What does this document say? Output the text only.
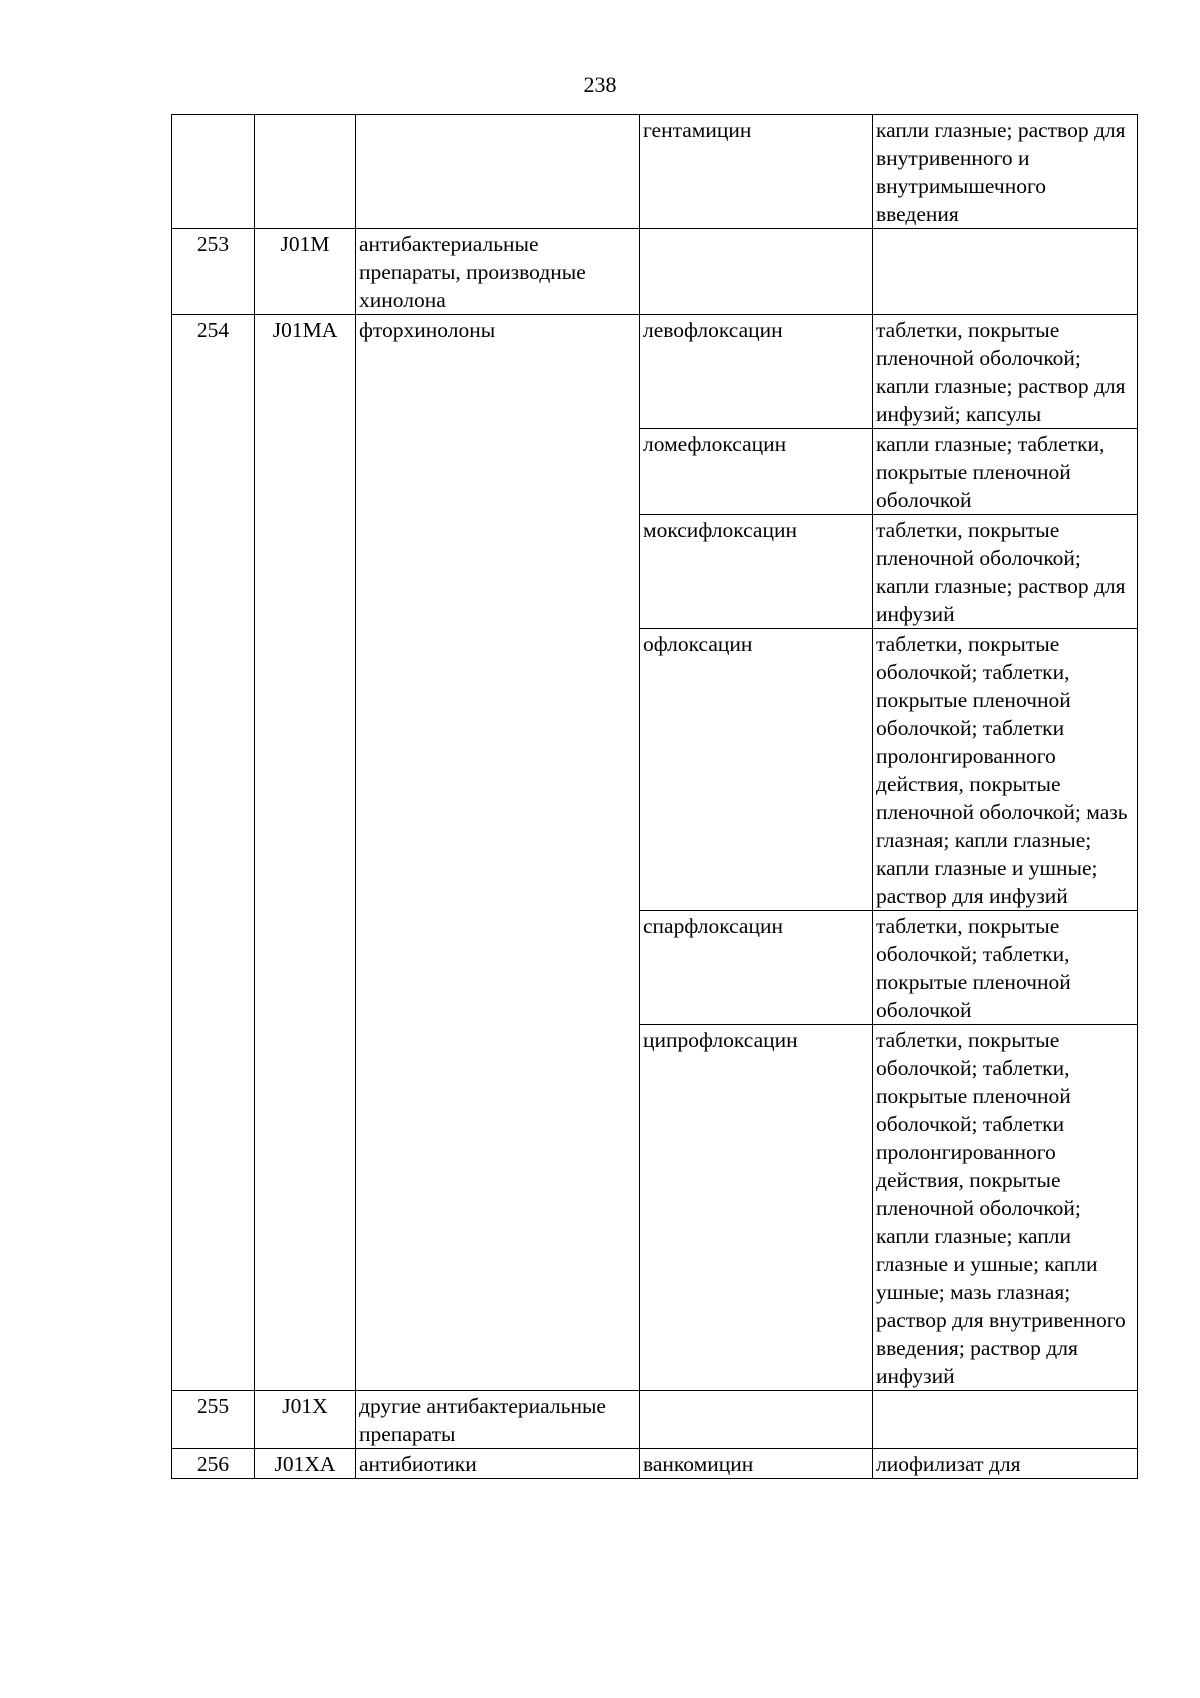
238
			гентамицин	капли глазные; раствор для внутривенного и внутримышечного введения
253	J01M	антибактериальные препараты, производные хинолона		
254	J01MA	фторхинолоны	левофлоксацин	таблетки, покрытые пленочной оболочкой; капли глазные; раствор для инфузий; капсулы
			ломефлоксацин	капли глазные; таблетки, покрытые пленочной оболочкой
			моксифлоксацин	таблетки, покрытые пленочной оболочкой; капли глазные; раствор для инфузий
			офлоксацин	таблетки, покрытые оболочкой; таблетки, покрытые пленочной оболочкой; таблетки пролонгированного действия, покрытые пленочной оболочкой; мазь глазная; капли глазные; капли глазные и ушные; раствор для инфузий
			спарфлоксацин	таблетки, покрытые оболочкой; таблетки, покрытые пленочной оболочкой
			ципрофлоксацин	таблетки, покрытые оболочкой; таблетки, покрытые пленочной оболочкой; таблетки пролонгированного действия, покрытые пленочной оболочкой; капли глазные; капли глазные и ушные; капли ушные; мазь глазная; раствор для внутривенного введения; раствор для инфузий
255	J01X	другие антибактериальные препараты		
256	J01XA	антибиотики	ванкомицин	лиофилизат для
